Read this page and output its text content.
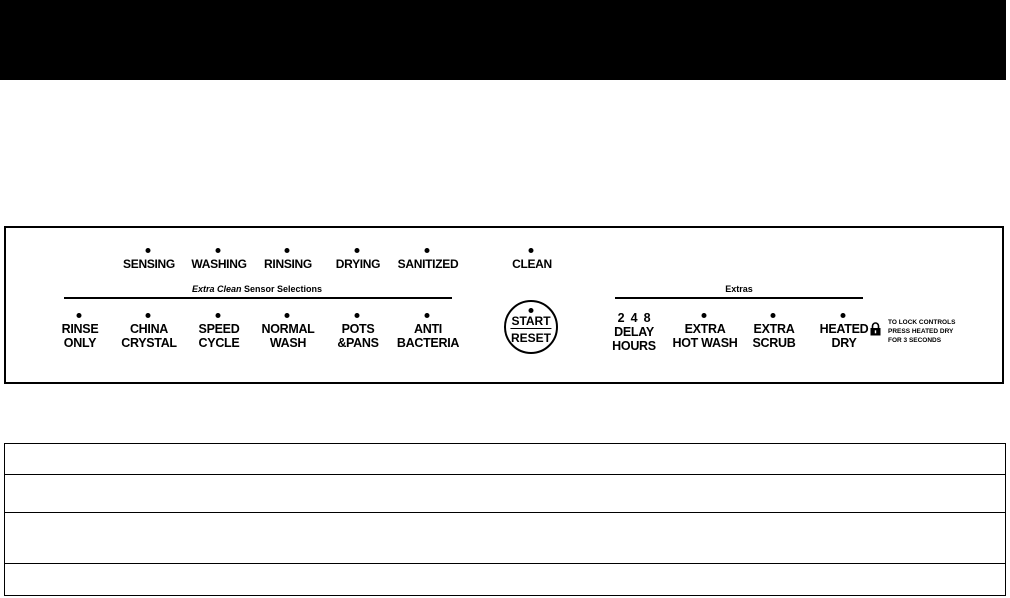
SENSING WASHING RINSING DRYING SANITIZED	CLEAN
Extra Clean Sensor Selections
RINSE
ONLY
CHINA
CRYSTAL
SPEED
CYCLE
NORMAL
WASH
POTS
&PANS
ANTI
BACTERIA
START
RESET
Extras
2  4  8
DELAY
HOURS
EXTRA
HOT WASH
EXTRA
SCRUB
HEATED
DRY
TO LOCK CONTROLS
PRESS HEATED DRY
FOR 3 SECONDS
